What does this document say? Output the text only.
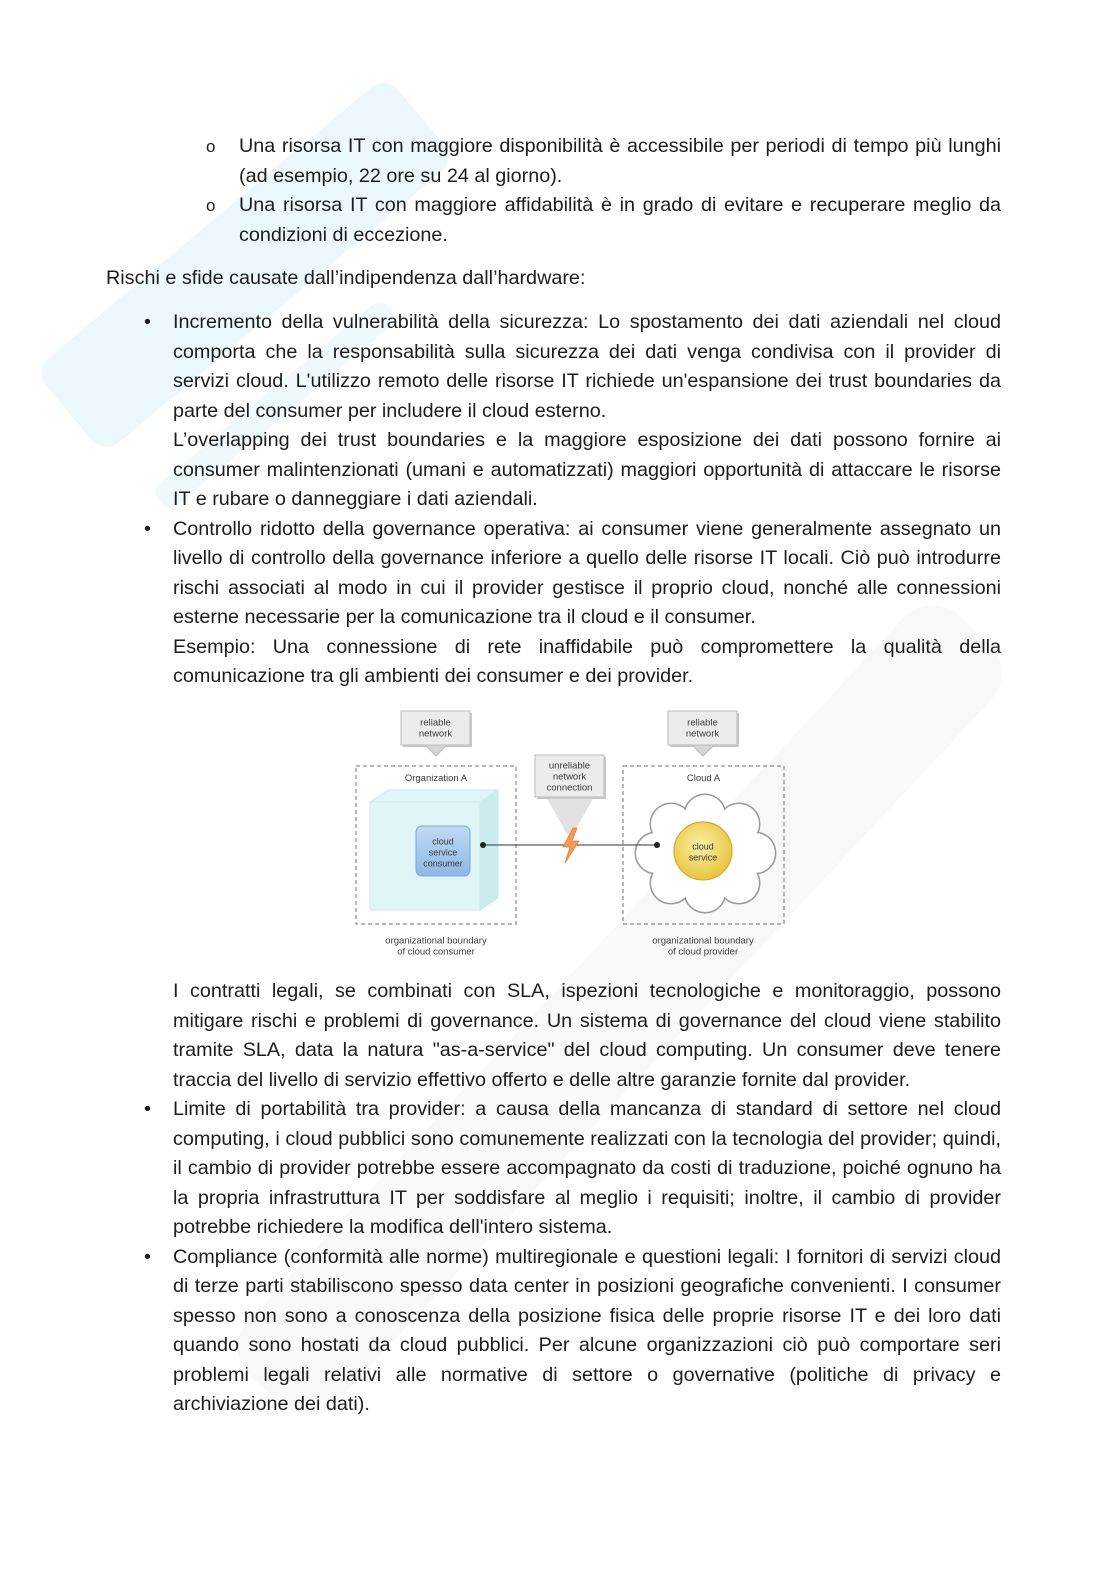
o Una risorsa IT con maggiore disponibilità è accessibile per periodi di tempo più lunghi (ad esempio, 22 ore su 24 al giorno).

o Una risorsa IT con maggiore affidabilità è in grado di evitare e recuperare meglio da condizioni di eccezione.

Rischi e sfide causate dall’indipendenza dall’hardware:

• Incremento della vulnerabilità della sicurezza: Lo spostamento dei dati aziendali nel cloud comporta che la responsabilità sulla sicurezza dei dati venga condivisa con il provider di servizi cloud. L'utilizzo remoto delle risorse IT richiede un'espansione dei trust boundaries da parte del consumer per includere il cloud esterno.

L’overlapping dei trust boundaries e la maggiore esposizione dei dati possono fornire ai consumer malintenzionati (umani e automatizzati) maggiori opportunità di attaccare le risorse IT e rubare o danneggiare i dati aziendali.

• Controllo ridotto della governance operativa: ai consumer viene generalmente assegnato un livello di controllo della governance inferiore a quello delle risorse IT locali. Ciò può introdurre rischi associati al modo in cui il provider gestisce il proprio cloud, nonché alle connessioni esterne necessarie per la comunicazione tra il cloud e il consumer.

Esempio: Una connessione di rete inaffidabile può compromettere la qualità della comunicazione tra gli ambienti dei consumer e dei provider.

Organization A
cloud
service
consumer
Cloud A
cloud
service
unreliable
network
connection
reliable
network
reliable
network
organizational boundary
of cloud consumer
organizational boundary
of cloud provider

I contratti legali, se combinati con SLA, ispezioni tecnologiche e monitoraggio, possono mitigare rischi e problemi di governance. Un sistema di governance del cloud viene stabilito tramite SLA, data la natura "as-a-service" del cloud computing. Un consumer deve tenere traccia del livello di servizio effettivo offerto e delle altre garanzie fornite dal provider.

• Limite di portabilità tra provider: a causa della mancanza di standard di settore nel cloud computing, i cloud pubblici sono comunemente realizzati con la tecnologia del provider; quindi, il cambio di provider potrebbe essere accompagnato da costi di traduzione, poiché ognuno ha la propria infrastruttura IT per soddisfare al meglio i requisiti; inoltre, il cambio di provider potrebbe richiedere la modifica dell'intero sistema.

• Compliance (conformità alle norme) multiregionale e questioni legali: I fornitori di servizi cloud di terze parti stabiliscono spesso data center in posizioni geografiche convenienti. I consumer spesso non sono a conoscenza della posizione fisica delle proprie risorse IT e dei loro dati quando sono hostati da cloud pubblici. Per alcune organizzazioni ciò può comportare seri problemi legali relativi alle normative di settore o governative (politiche di privacy e archiviazione dei dati).
